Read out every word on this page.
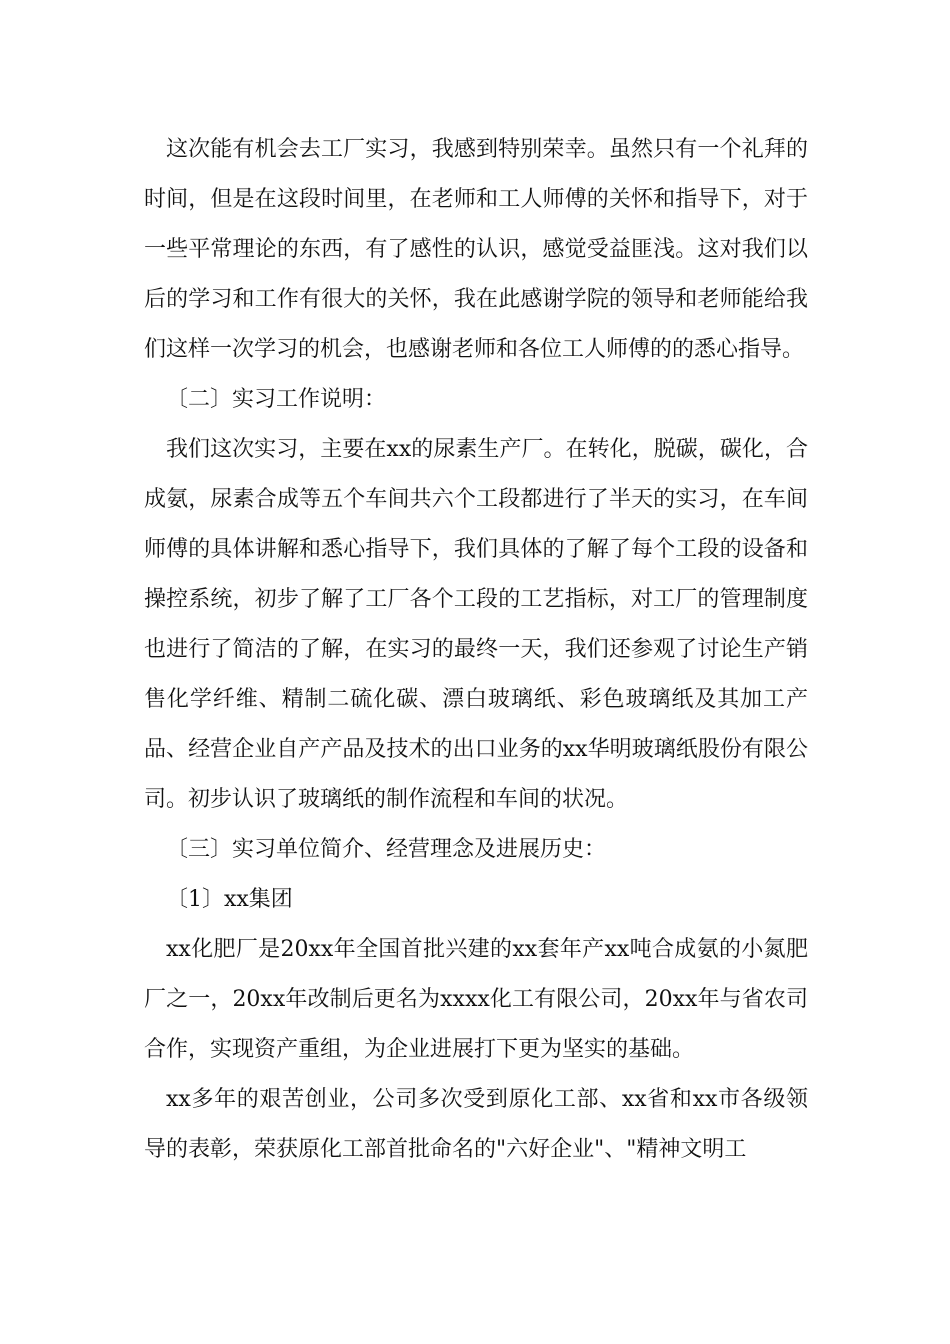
这次能有机会去工厂实习，我感到特别荣幸。虽然只有一个礼拜的时间，但是在这段时间里，在老师和工人师傅的关怀和指导下，对于一些平常理论的东西，有了感性的认识，感觉受益匪浅。这对我们以后的学习和工作有很大的关怀，我在此感谢学院的领导和老师能给我们这样一次学习的机会，也感谢老师和各位工人师傅的的悉心指导。

〔二〕实习工作说明：

我们这次实习，主要在xx的尿素生产厂。在转化，脱碳，碳化，合成氨，尿素合成等五个车间共六个工段都进行了半天的实习，在车间师傅的具体讲解和悉心指导下，我们具体的了解了每个工段的设备和操控系统，初步了解了工厂各个工段的工艺指标，对工厂的管理制度也进行了简洁的了解，在实习的最终一天，我们还参观了讨论生产销售化学纤维、精制二硫化碳、漂白玻璃纸、彩色玻璃纸及其加工产品、经营企业自产产品及技术的出口业务的xx华明玻璃纸股份有限公司。初步认识了玻璃纸的制作流程和车间的状况。

〔三〕实习单位简介、经营理念及进展历史：

〔1〕xx集团

xx化肥厂是20xx年全国首批兴建的xx套年产xx吨合成氨的小氮肥厂之一，20xx年改制后更名为xxxx化工有限公司，20xx年与省农司合作，实现资产重组，为企业进展打下更为坚实的基础。

xx多年的艰苦创业，公司多次受到原化工部、xx省和xx市各级领导的表彰，荣获原化工部首批命名的"六好企业"、"精神文明工
